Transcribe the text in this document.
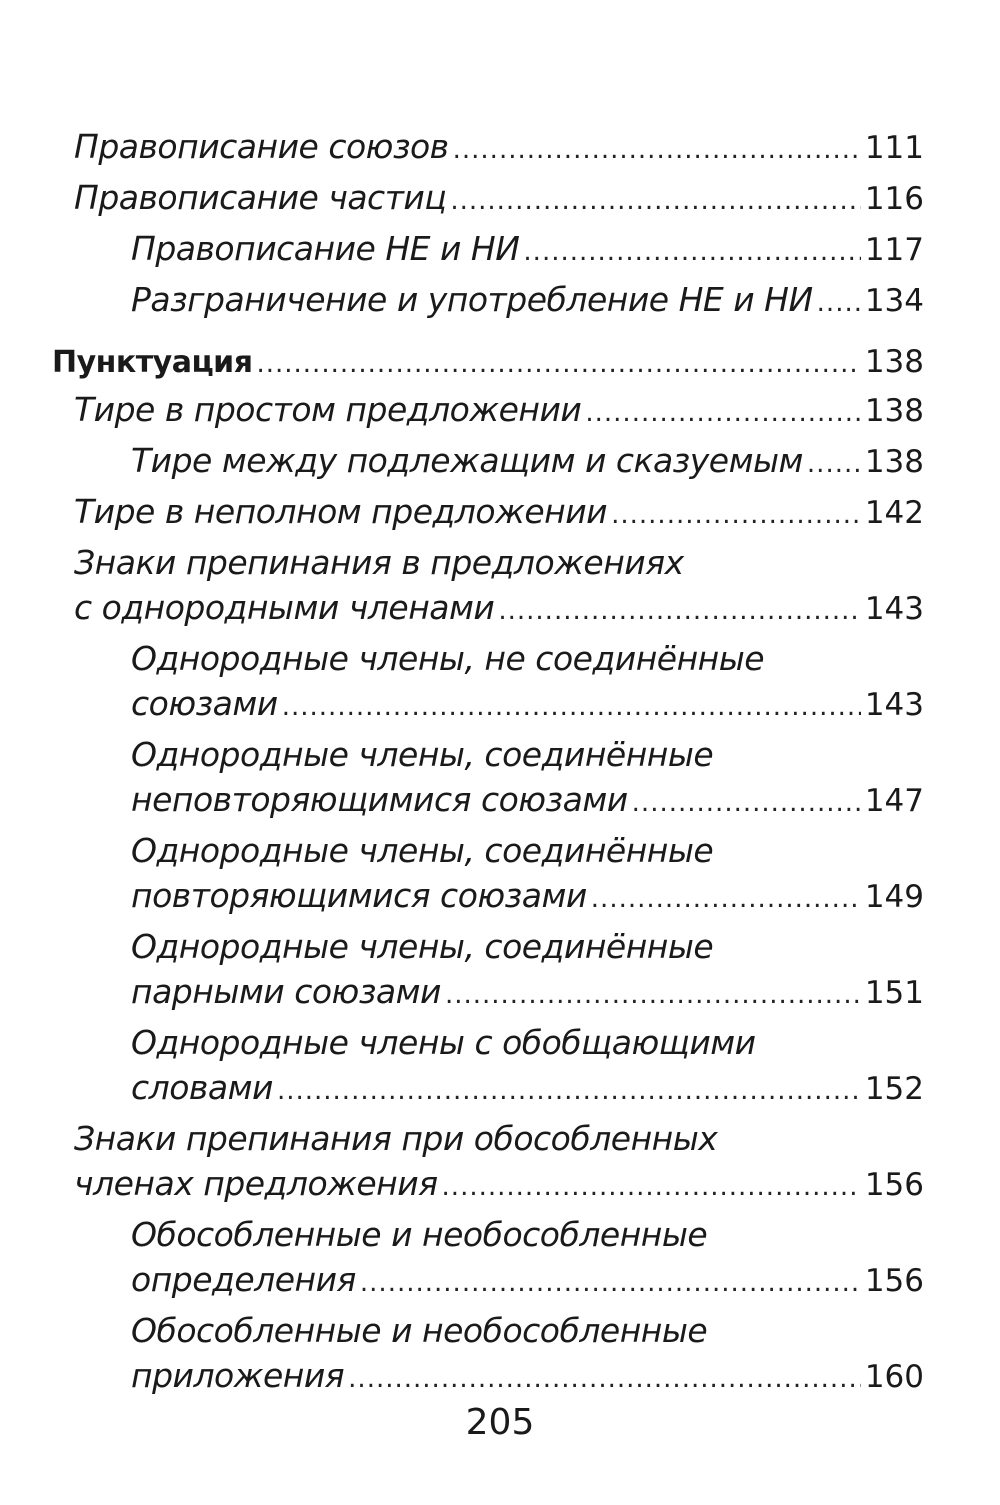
Правописание союзов .....	111
Правописание частиц .....	116
Правописание НЕ и НИ .....	117
Разграничение и употребление НЕ и НИ ..... 134
Пунктуация .....	138
Тире в простом предложении .....	138
Тире между подлежащим и сказуемым ..... 138
Тире в неполном предложении .....	142
Знаки препинания в предложениях
с однородными членами .....	143
Однородные члены, не соединённые
союзами .....	143
Однородные члены, соединённые
неповторяющимися союзами .....	147
Однородные члены, соединённые
повторяющимися союзами .....	149
Однородные члены, соединённые
парными союзами .....	151
Однородные члены с обобщающими
словами .....	152
Знаки препинания при обособленных
членах предложения .....	156
Обособленные и необособленные
определения .....	156
Обособленные и необособленные
приложения .....	160
205
